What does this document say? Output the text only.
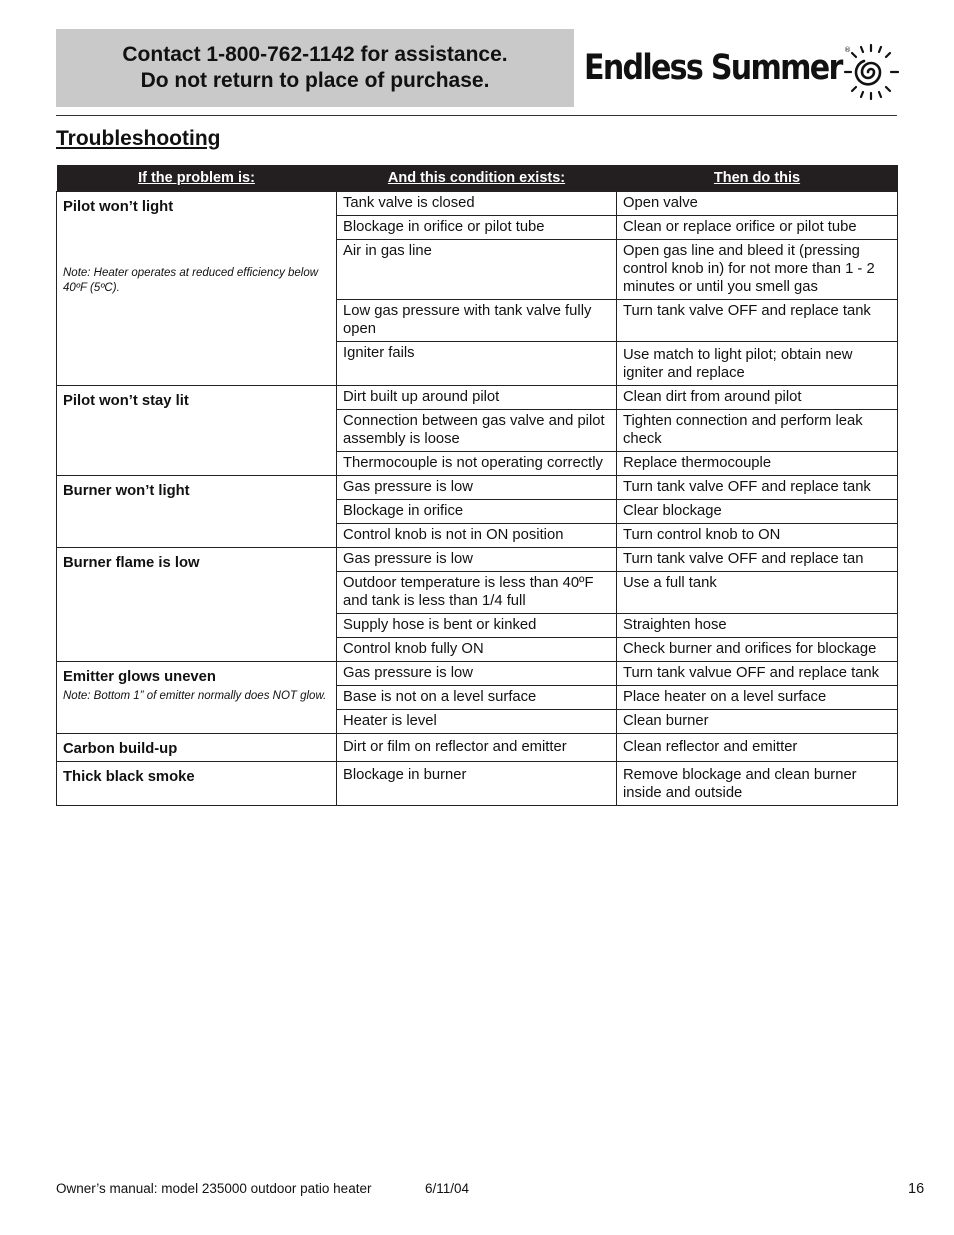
Contact 1-800-762-1142 for assistance.
Do not return to place of purchase.	Endless Summer ®
Troubleshooting
If the problem is:	And this condition exists:	Then do this
Pilot won’t light
Note: Heater operates at reduced efficiency below 40ºF (5ºC).	Tank valve is closed	Open valve
	Blockage in orifice or pilot tube	Clean or replace orifice or pilot tube
	Air in gas line	Open gas line and bleed it (pressing control knob in) for not more than 1 - 2 minutes or until you smell gas
	Low gas pressure with tank valve fully open	Turn tank valve OFF and replace tank
	Igniter fails	Use match to light pilot; obtain new igniter and replace
Pilot won’t stay lit	Dirt built up around pilot	Clean dirt from around pilot
	Connection between gas valve and pilot assembly is loose	Tighten connection and perform leak check
	Thermocouple is not operating correctly	Replace thermocouple
Burner won’t light	Gas pressure is low	Turn tank valve OFF and replace tank
	Blockage in orifice	Clear blockage
	Control knob is not in ON position	Turn control knob to ON
Burner flame is low	Gas pressure is low	Turn tank valve OFF and replace tan
	Outdoor temperature is less than 40ºF and tank is less than 1/4 full	Use a full tank
	Supply hose is bent or kinked	Straighten hose
	Control knob fully ON	Check burner and orifices for blockage
Emitter glows uneven
Note: Bottom 1” of emitter normally does NOT glow.	Gas pressure is low	Turn tank valvue OFF and replace tank
	Base is not on a level surface	Place heater on a level surface
	Heater is level	Clean burner
Carbon build-up	Dirt or film on reflector and emitter	Clean reflector and emitter
Thick black smoke	Blockage in burner	Remove blockage and clean burner inside and outside
Owner’s manual: model 235000 outdoor patio heater	6/11/04	16
